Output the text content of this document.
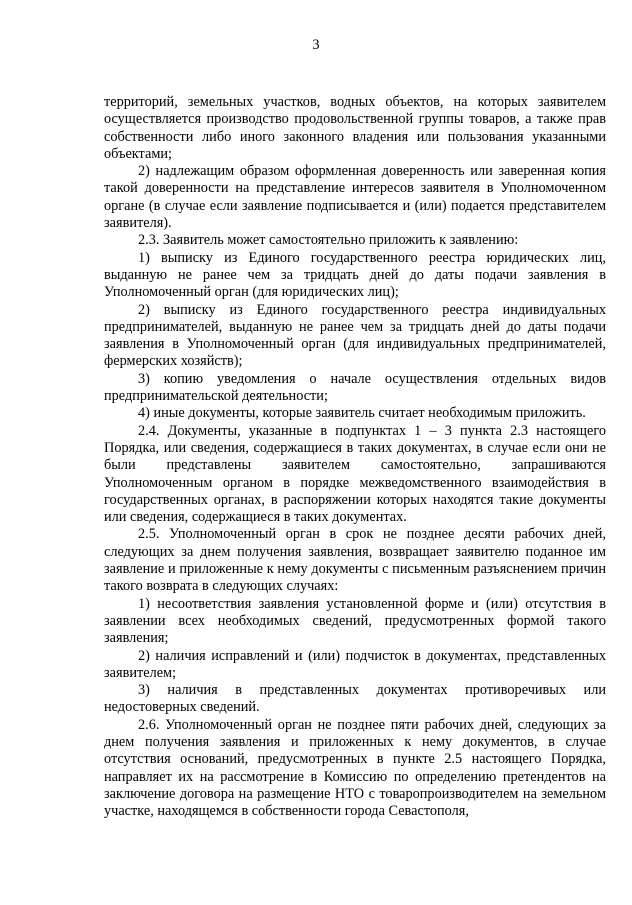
3

территорий, земельных участков, водных объектов, на которых заявителем осуществляется производство продовольственной группы товаров, а также прав собственности либо иного законного владения или пользования указанными объектами;

2) надлежащим образом оформленная доверенность или заверенная копия такой доверенности на представление интересов заявителя в Уполномоченном органе (в случае если заявление подписывается и (или) подается представителем заявителя).

2.3. Заявитель может самостоятельно приложить к заявлению:

1) выписку из Единого государственного реестра юридических лиц, выданную не ранее чем за тридцать дней до даты подачи заявления в Уполномоченный орган (для юридических лиц);

2) выписку из Единого государственного реестра индивидуальных предпринимателей, выданную не ранее чем за тридцать дней до даты подачи заявления в Уполномоченный орган (для индивидуальных предпринимателей, фермерских хозяйств);

3) копию уведомления о начале осуществления отдельных видов предпринимательской деятельности;

4) иные документы, которые заявитель считает необходимым приложить.

2.4. Документы, указанные в подпунктах 1 – 3 пункта 2.3 настоящего Порядка, или сведения, содержащиеся в таких документах, в случае если они не были представлены заявителем самостоятельно, запрашиваются Уполномоченным органом в порядке межведомственного взаимодействия в государственных органах, в распоряжении которых находятся такие документы или сведения, содержащиеся в таких документах.

2.5. Уполномоченный орган в срок не позднее десяти рабочих дней, следующих за днем получения заявления, возвращает заявителю поданное им заявление и приложенные к нему документы с письменным разъяснением причин такого возврата в следующих случаях:

1) несоответствия заявления установленной форме и (или) отсутствия в заявлении всех необходимых сведений, предусмотренных формой такого заявления;

2) наличия исправлений и (или) подчисток в документах, представленных заявителем;

3) наличия в представленных документах противоречивых или недостоверных сведений.

2.6. Уполномоченный орган не позднее пяти рабочих дней, следующих за днем получения заявления и приложенных к нему документов, в случае отсутствия оснований, предусмотренных в пункте 2.5 настоящего Порядка, направляет их на рассмотрение в Комиссию по определению претендентов на заключение договора на размещение НТО с товаропроизводителем на земельном участке, находящемся в собственности города Севастополя,
